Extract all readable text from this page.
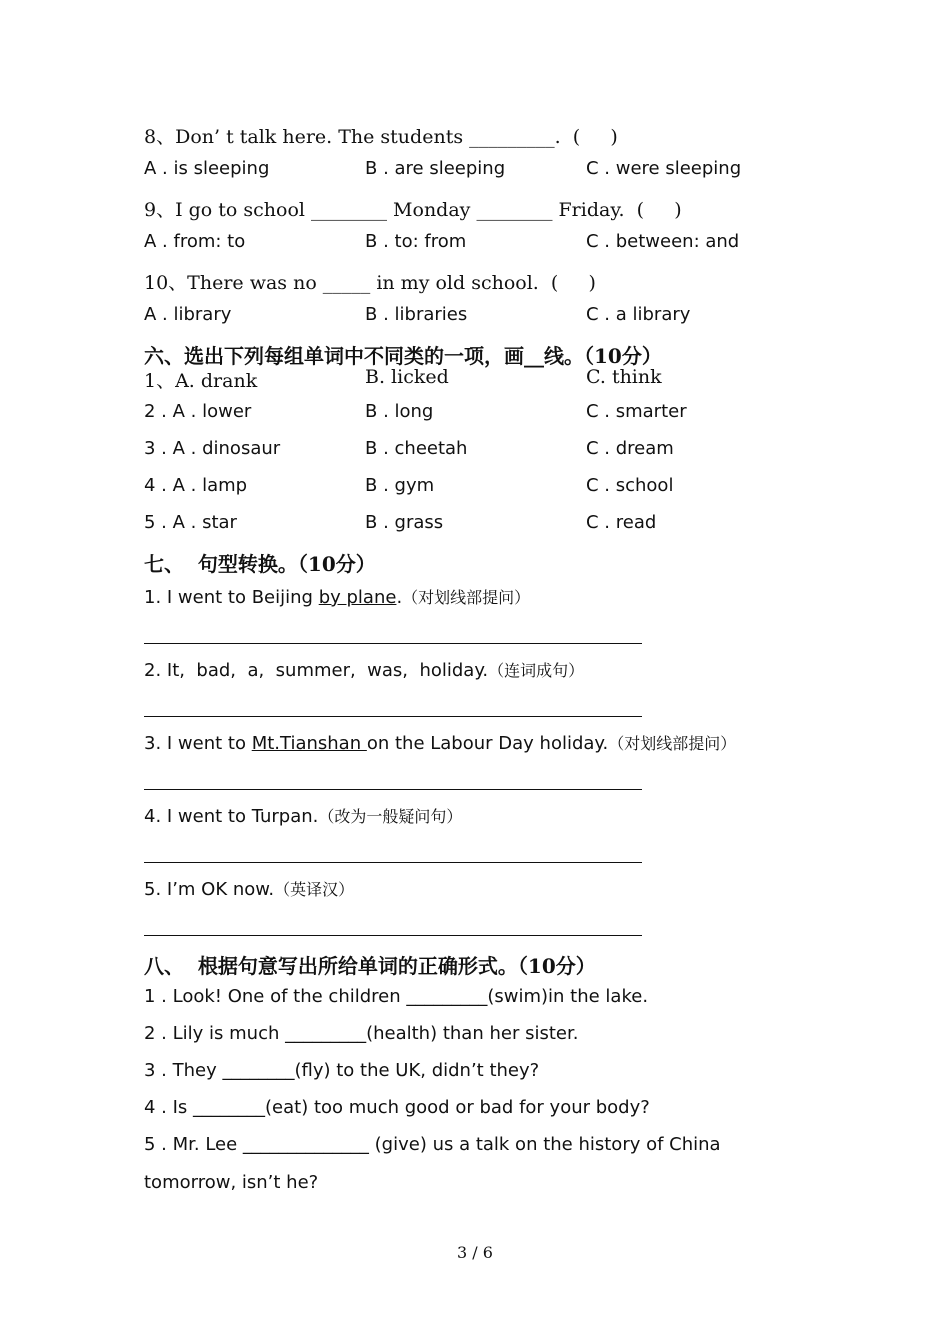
8、Don’ t talk here. The students _________.  (     )
A . is sleeping	B . are sleeping	C . were sleeping
9、I go to school ________ Monday ________ Friday.  (     )
A . from: to	B . to: from	C . between: and
10、There was no _____ in my old school.  (     )
A . library	B . libraries	C . a library
六、选出下列每组单词中不同类的一项，画__线。（10分）
1、A. drank	B. licked	C. think
2 . A . lower	B . long	C . smarter
3 . A . dinosaur	B . cheetah	C . dream
4 . A . lamp	B . gym	C . school
5 . A . star	B . grass	C . read
七、  句型转换。（10分）
1. I went to Beijing by plane.（对划线部提问）
2. It,  bad,  a,  summer,  was,  holiday.（连词成句）
3. I went to Mt.Tianshan on the Labour Day holiday.（对划线部提问）
4. I went to Turpan.（改为一般疑问句）
5. I’m OK now.（英译汉）
八、  根据句意写出所给单词的正确形式。（10分）
1 . Look! One of the children _________(swim)in the lake.
2 . Lily is much _________(health) than her sister.
3 . They ________(fly) to the UK, didn’t they?
4 . Is ________(eat) too much good or bad for your body?
5 . Mr. Lee ______________ (give) us a talk on the history of China
tomorrow, isn’t he?
3 / 6
